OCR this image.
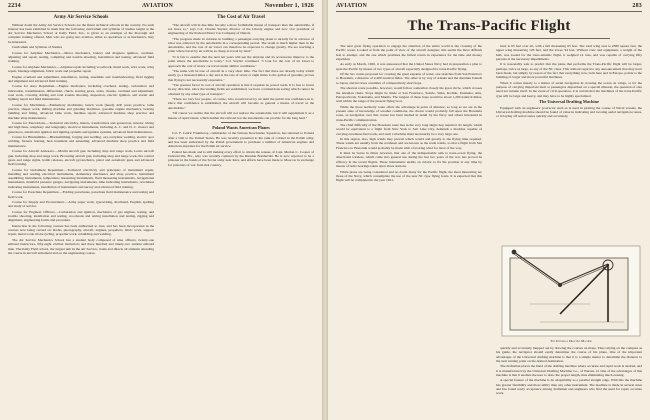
2234	AVIATION	November 1, 1926
Army Air Service Schools

Without doubt the Army Air Service Schools are the finest technical schools in the country. No such interest has been exhibited in them that the following curriculum and syllabus of studies taught at the Air Service Mechanics School at Kelly Field, Tex., is given as an example of the thorough and complete training offered. Men who are going into aviation, either as operatives or as mechanics, may be interested.

Curriculum and Syllabus of Studies

Course for Airplane Mechanics.—Motor mechanics, battery and magneto ignition, overhaul, adjusting and repair, testing, compiling and trouble shooting, installation and testing, advanced field training.

Course for Airplane Mechanics.—Airplane repair including woodwork, metal work, wire work, wing repair, fuselage alignment, fabric work and propeller repair.

Engine overhaul and adjustment, installation, testing, ensemble and troubleshooting, field rigging and alignment and advanced field training.

Course for Auto Repairmen.—Engine mechanics, including overhaul, testing, carburetion and lubrication, transmissions, differential, clutch, starting gears, axles, chassis, overhaul and adjustment, road work, covering driving and road trouble shooting, inspection, electric ignition, self starter and lighting repair and field maintenance.

Course for Machinists.—Elementary machinists, bench work (hand), drill press practice, lathe practice, shaper work, milling machine and grinding machines, gasoline engine mechanics, bearing building and fitting, advanced lathe work, machine repair, advanced machine shop practice and machine shop maintenance.

Course for Electricians.—Technical electricity, meters, transformers and generators, interior wiring and high lines, telephony and telegraphy, electrical instruments, including A. C. and D. C. motors and generators, automotive ignition and lighting systems and ignition systems, advanced field maintenance.

Course for Blacksmiths.—Blacksmithing, forging and welding, oxy-acetylene welding, electric spot welding, furnace brazing, heat treatment and annealing, advanced machine shop practice and field maintenance.

Course for Aircraft Armorers.—Marlin aircraft gun, including drop and range work, Lewis aircraft gun, including shop and range work, Browning aircraft gun, including shop and range work, fire control gears and range sights, bomb releases, aircraft pyrotechnics, pistol and automatic guns and advanced field training.

Course for Instrument Repairmen.—Technical electricity and principles of instrument repair, installing and reading electrical instruments, elementary mechanics and shop practice, instrument assembling instruments, temperature measuring instruments, fluid measuring instruments, navigational instruments, manifold pressure gauges, navigating instruments, time indicating instruments, revolution indicating instruments, installation of instruments and survey and advanced field training.

Course for Parachute Repairmen.—Folding parachutes, parachute field maintenance and testing and field work.

Course for Supply and Procurement.—Army paper work, typewriting, shorthand, English, spelling and study of service.

Course for Engineer Officers.—Carburetion and ignition, mechanics of gas engines, testing, and trouble shooting, installation and testing, woodwork and wiring installation and testing, rigging and alignment, engineering forms and procedure.

Instruction in the following courses has been authorized to date, and has been incorporated in the courses now being carried on: Radio, photography, aircraft, engines, propellers, fabric work, support repair, metal work, motorcycling, propeller work, rebuilding and welding.

The Air Service Mechanics School has a student body composed of nine officers, twenty-one enlisted instructors, fifty-eight civilian instructors and three hundred and ninety-two student enlisted men. The Kelly Field school, the largest unit in the Air Service, trains and directs all students attending the course in aircraft armament and on the engineering course.

The Cost of Air Travel

"The aircraft will in due time become a more formidable means of transport than the automobile, if not more so," says Col. Charles Snyder, director of the Liberty engine and now vice president of engineering of the Packard Motor Car Company of Detroit.

"The progress made in aviation in building a passenger-carrying plane is already far in advance of what was achieved by the automobile in a corresponding period. The result is much higher than in the automobile, and the cost of air travel can therefore be expected to change greatly. We are reaching a point where travel by air will be as cheap as travel by land."

"It is fair to assume that the next ten years will see the airplane and its accessories improve to the point where the automobile is today," Col. Snyder continued. "I look for the cost of air travel to approach the cost of motor car travel under similar conditions."

"The same will be true of aircraft in a very short time. The fact that there are already today which easily go a thousand miles a day and at the rate of seven or eight miles to the gallon of gasoline, proves that flying is not necessarily expensive."

"The greatest factor in cost of aircraft operation is that it requires no paved roads. It is free to travel in any direction. Once the landing fields are established, we have a tremendous saving which cannot be obtained by any other type of transport."

"There are very few people, of course, who would travel by air until the public has confidence in it. Once that confidence is established, the aircraft will become as general a means of travel as the automobile."

"Of course we realize that the aircraft will not replace the automobile, but it will supplement it as a means of rapid transit, which neither the railroad nor the automobile can provide for the long haul."

Poland Wants American Planes

Col. F. Cedric Fauntleroy, commander of the famous Kosciuszko Squadron, has returned to Poland after a visit to the United States. He was recently presented to the rank of colonel in the Polish army, and has been authorized by the Polish government to purchase a number of American engines and American airplanes for the Polish air service.

Poland has made and is still making every effort to obtain the release of Capt. Merian C. Cooper of Jacksonville, Fla., who was recently captured by the Russian Bolsheviki. He is now reported to be a prisoner in the hands of the Soviet army near Kiev, and efforts have been made to Moscow in exchange for prisoners of war from that country.

AVIATION	283
The Trans-Pacific Flight

The next great flying operation to engage the attention of the entire world is the crossing of the Pacific ocean. Looked at from the point of view of the aircraft designer, this seems the most difficult feat to attempt, and the one which promises the fullest return in experience for the time and money expended.

As early as March, 1920, it was announced that the United States Navy had in preparation a plan to span the Pacific by means of two types of aircraft especially designed for trans-Pacific flying.

Of the two routes proposed for crossing the great expanse of water, one stretches from San Francisco to Honolulu, a distance of 2,400 nautical miles. The other is by way of Alaska and the Aleutian Islands to Japan, and involves a number of comparatively short hops.

The shortest route possible, however, would follow somewhat closely the great circle, which crosses the Aleutian chain. Stops might be made at San Francisco, Seattle, Sitka, Kodiak, Unalaska, Attu, Petropavlovsk, Yokohama, and Manila. The longest of these hops would be about 1,200 nautical miles, well within the range of the present flying boat.

While the more northerly route offers the advantage in point of distance, so long as we are in the present state of knowledge of weather conditions, the choice would probably fall upon the Honolulu route, as navigation over this course has been studied in detail by the Navy and others interested in trans-Pacific communication.

The chief difficulty of the Honolulu route lies in the very long single hop required. Its length, which would be equivalent to a flight from New York to Salt Lake City, demands a machine capable of carrying enormous fuel loads, and such a machine must necessarily be a very large one.

In this region, also, high winds may prevail which would add greatly to the flying time required. These winds are usually from the northeast and are known as the trade winds, so that a flight from San Francisco to Honolulu would probably be made with a favoring wind for most of the way.

It must be borne in mind, however, that one of the indispensable aids to trans-ocean flying, the directional wireless, which came into general use during the last two years of the war, has proved its efficacy in the recent flights. These instruments enable an aviator to fix his position at any time by means of radio bearings taken upon shore stations.

While plans are being considered and no doubt many for the Pacific flight, the most interesting are those of the Navy, which contemplate the use of the new NC type flying boats. It is expected that this flight will be completed in the year 1921.

least is 65 feet over all, with a full measuring 65 feet. The total wing area is 2380 square feet, the upper wing measuring 126 feet, and the lower, 94 feet. Without crew and equipment, a weight of the hull, was loaded for the trans-Atlantic flight, it weighed 14 tons, and was capable of carrying fifty persons at the necessary impediments.

It is reasonably safe to predict that the plane that performs the Trans-Pacific flight will be larger, perhaps, twice as large, as any of the NC class. This without regard to any announcement that may have been made, but simply by reason of the fact that everything now, both here and in Europe, points to the building of larger and more powerful machines.

When it comes merely to a matter of aerial navigation in crossing the ocean on wings, or for the purpose of carrying important mail or passengers dispatched on a special mission, the question of size need not intrude itself. In the event of civil operation, it is certain that the machines of the trans-Pacific type will be large and heavy, and may have to be highly specialized.

The Universal Drafting Machine

Equipped with an engineers' protractor such as is used in plotting the course of Naval vessels, the Universal drafting machine should be found of value in indicating and locating aerial navigation routes, or in laying off aerial routes quickly and accurately.

The Universal Drafting Machine

quickly and accurately mapped out by drawing the courses on maps. Thus relying on the compass as his guide, the navigator should easily determine the course of his plane. One of the important advantages of the Universal drafting machine is that it is a simple matter to determine the distance to the next turning point on the desired destination.

The draftsman places the hand of the drafting machine where accurate and rapid work is desired, and it is manufactured by the Universal Drafting Machine Co., of Warren, O. One of the advantages of this machine is that it enables the user to draw the proper length, thus eliminating much erasing.

A special feature of the machine is its adaptability as a parallel straight edge. With this the machine has greater flexibility and more utility than any other instrument. The machine is made in several sizes and has found ready acceptance among draftsmen and engineers who find the need for rapid, accurate work.
